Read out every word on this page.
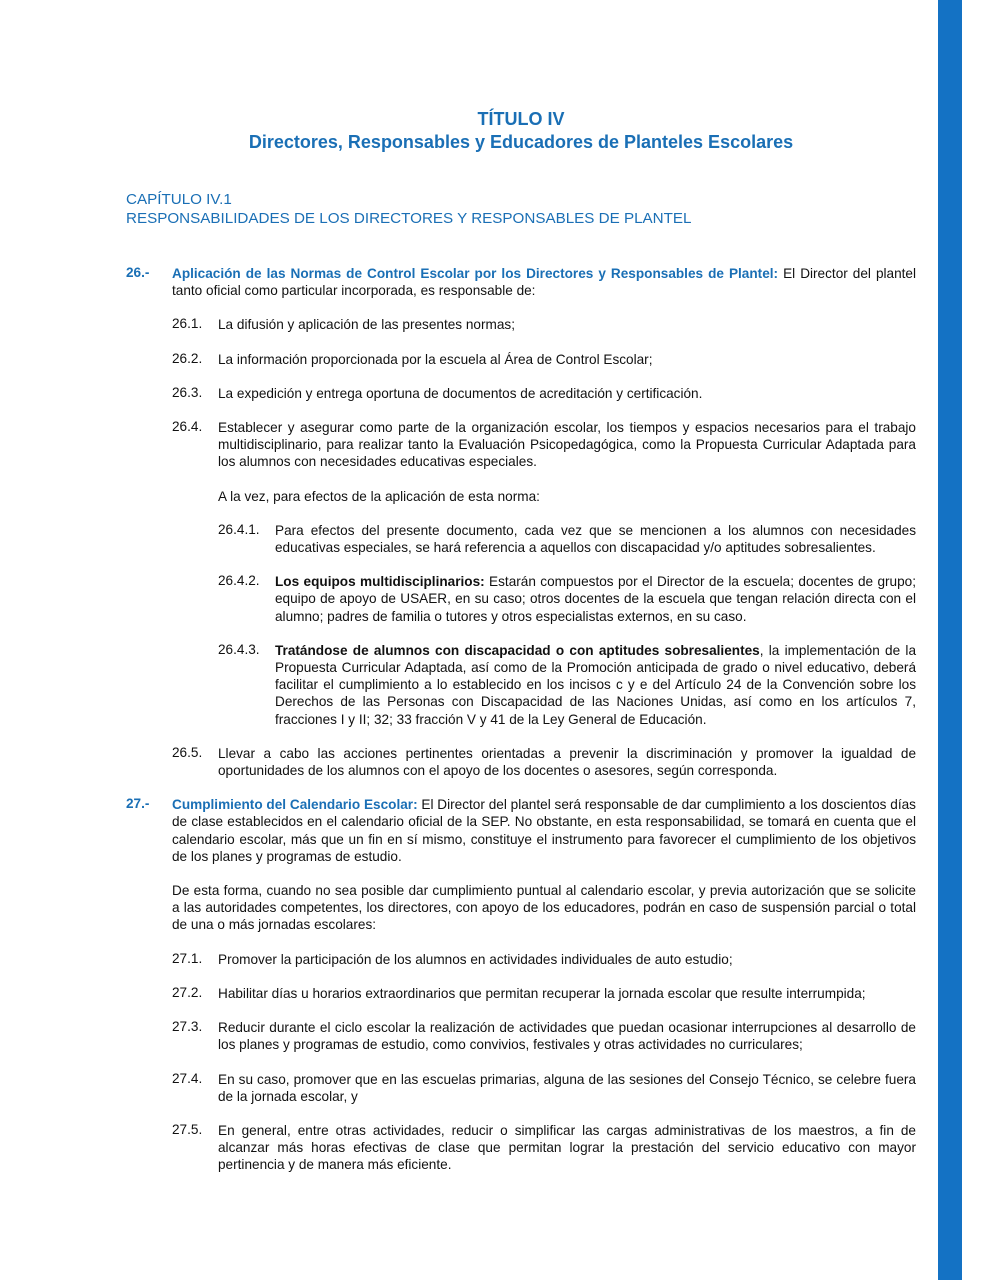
TÍTULO IV
Directores, Responsables y Educadores de Planteles Escolares
CAPÍTULO IV.1
RESPONSABILIDADES DE LOS DIRECTORES Y RESPONSABLES DE PLANTEL
26.- Aplicación de las Normas de Control Escolar por los Directores y Responsables de Plantel: El Director del plantel tanto oficial como particular incorporada, es responsable de:

26.1. La difusión y aplicación de las presentes normas;

26.2. La información proporcionada por la escuela al Área de Control Escolar;

26.3. La expedición y entrega oportuna de documentos de acreditación y certificación.

26.4. Establecer y asegurar como parte de la organización escolar, los tiempos y espacios necesarios para el trabajo multidisciplinario, para realizar tanto la Evaluación Psicopedagógica, como la Propuesta Curricular Adaptada para los alumnos con necesidades educativas especiales.

A la vez, para efectos de la aplicación de esta norma:

26.4.1. Para efectos del presente documento, cada vez que se mencionen a los alumnos con necesidades educativas especiales, se hará referencia a aquellos con discapacidad y/o aptitudes sobresalientes.

26.4.2. Los equipos multidisciplinarios: Estarán compuestos por el Director de la escuela; docentes de grupo; equipo de apoyo de USAER, en su caso; otros docentes de la escuela que tengan relación directa con el alumno; padres de familia o tutores y otros especialistas externos, en su caso.

26.4.3. Tratándose de alumnos con discapacidad o con aptitudes sobresalientes, la implementación de la Propuesta Curricular Adaptada, así como de la Promoción anticipada de grado o nivel educativo, deberá facilitar el cumplimiento a lo establecido en los incisos c y e del Artículo 24 de la Convención sobre los Derechos de las Personas con Discapacidad de las Naciones Unidas, así como en los artículos 7, fracciones I y II; 32; 33 fracción V y 41 de la Ley General de Educación.

26.5. Llevar a cabo las acciones pertinentes orientadas a prevenir la discriminación y promover la igualdad de oportunidades de los alumnos con el apoyo de los docentes o asesores, según corresponda.

27.- Cumplimiento del Calendario Escolar: El Director del plantel será responsable de dar cumplimiento a los doscientos días de clase establecidos en el calendario oficial de la SEP. No obstante, en esta responsabilidad, se tomará en cuenta que el calendario escolar, más que un fin en sí mismo, constituye el instrumento para favorecer el cumplimiento de los objetivos de los planes y programas de estudio.

De esta forma, cuando no sea posible dar cumplimiento puntual al calendario escolar, y previa autorización que se solicite a las autoridades competentes, los directores, con apoyo de los educadores, podrán en caso de suspensión parcial o total de una o más jornadas escolares:

27.1. Promover la participación de los alumnos en actividades individuales de auto estudio;

27.2. Habilitar días u horarios extraordinarios que permitan recuperar la jornada escolar que resulte interrumpida;

27.3. Reducir durante el ciclo escolar la realización de actividades que puedan ocasionar interrupciones al desarrollo de los planes y programas de estudio, como convivios, festivales y otras actividades no curriculares;

27.4. En su caso, promover que en las escuelas primarias, alguna de las sesiones del Consejo Técnico, se celebre fuera de la jornada escolar, y

27.5. En general, entre otras actividades, reducir o simplificar las cargas administrativas de los maestros, a fin de alcanzar más horas efectivas de clase que permitan lograr la prestación del servicio educativo con mayor pertinencia y de manera más eficiente.
